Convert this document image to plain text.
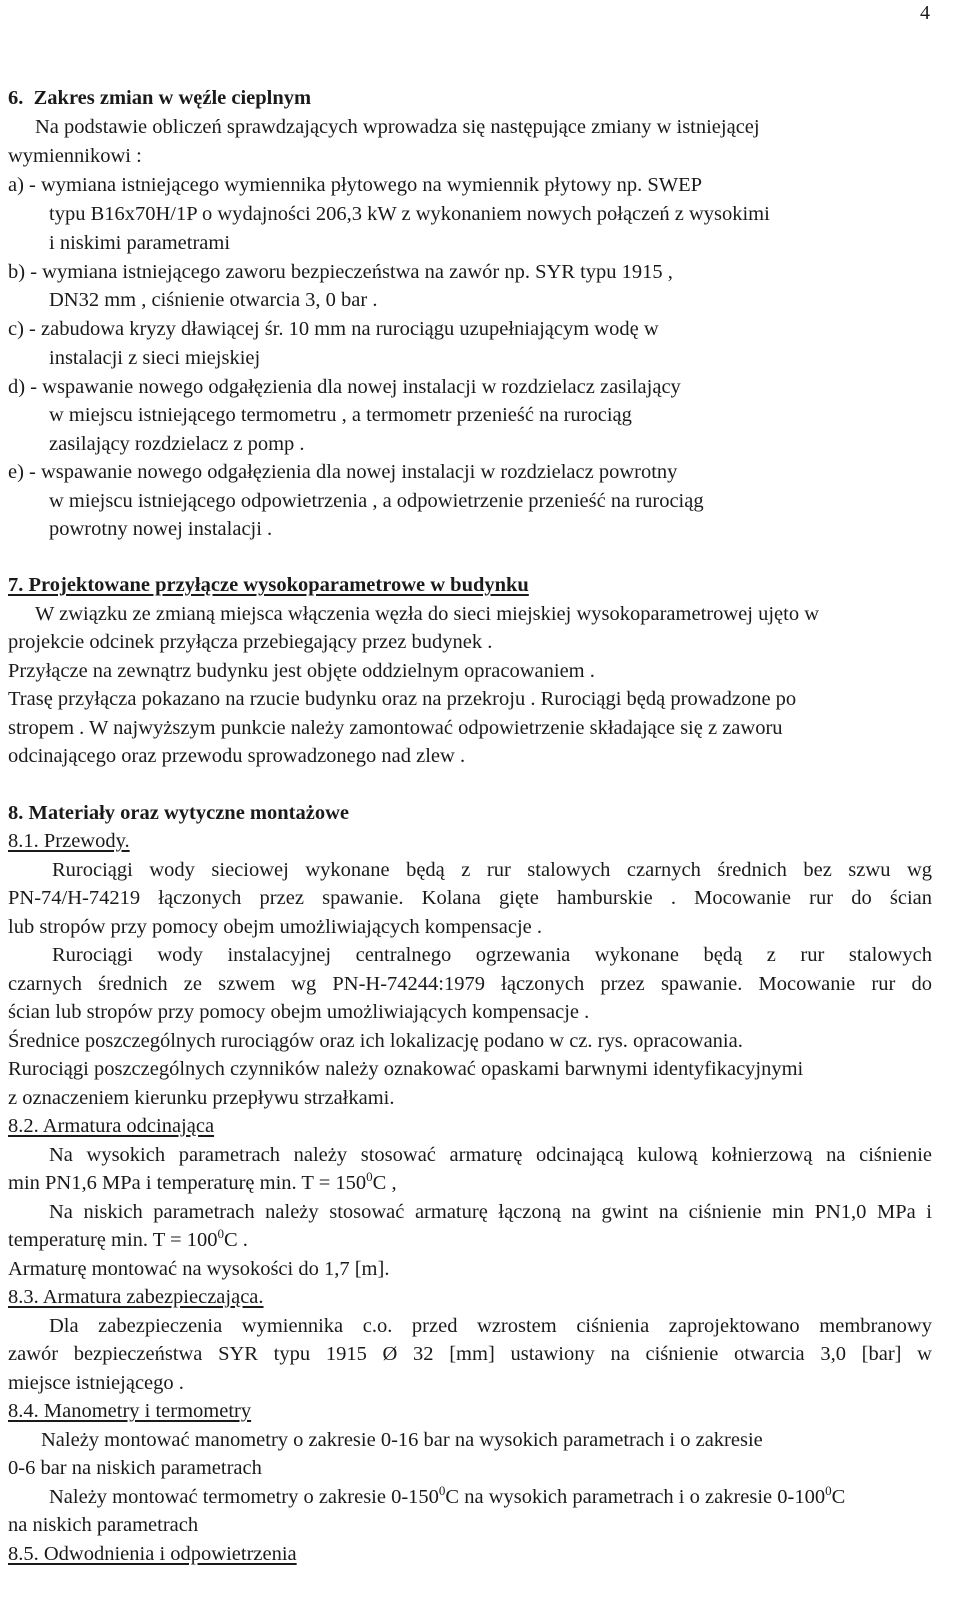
4
6. Zakres zmian w węźle cieplnym
Na podstawie obliczeń sprawdzających wprowadza się następujące zmiany w istniejącej
wymiennikowi :
a) - wymiana istniejącego wymiennika płytowego na wymiennik płytowy np. SWEP
typu B16x70H/1P o wydajności 206,3 kW z wykonaniem nowych połączeń z wysokimi
i niskimi parametrami
b) - wymiana istniejącego zaworu bezpieczeństwa na zawór np. SYR typu 1915 ,
DN32 mm , ciśnienie otwarcia 3, 0 bar .
c) - zabudowa kryzy dławiącej śr. 10 mm na rurociągu uzupełniającym wodę w
instalacji z sieci miejskiej
d) - wspawanie nowego odgałęzienia dla nowej instalacji w rozdzielacz zasilający
w miejscu istniejącego termometru , a termometr przenieść na rurociąg
zasilający rozdzielacz z pomp .
e) - wspawanie nowego odgałęzienia dla nowej instalacji w rozdzielacz powrotny
w miejscu istniejącego odpowietrzenia , a odpowietrzenie przenieść na rurociąg
powrotny nowej instalacji .
7. Projektowane przyłącze wysokoparametrowe w budynku
W związku ze zmianą miejsca włączenia węzła do sieci miejskiej wysokoparametrowej ujęto w
projekcie odcinek przyłącza przebiegający przez budynek .
Przyłącze na zewnątrz budynku jest objęte oddzielnym opracowaniem .
Trasę przyłącza pokazano na rzucie budynku oraz na przekroju . Rurociągi będą prowadzone po
stropem . W najwyższym punkcie należy zamontować odpowietrzenie składające się z zaworu
odcinającego oraz przewodu sprowadzonego nad zlew .
8. Materiały oraz wytyczne montażowe
8.1. Przewody.
Rurociągi wody sieciowej wykonane będą z rur stalowych czarnych średnich bez szwu wg
PN-74/H-74219 łączonych przez spawanie. Kolana gięte hamburskie . Mocowanie rur do ścian
lub stropów przy pomocy obejm umożliwiających kompensacje .
Rurociągi wody instalacyjnej centralnego ogrzewania wykonane będą z rur stalowych
czarnych średnich ze szwem wg PN-H-74244:1979 łączonych przez spawanie. Mocowanie rur do
ścian lub stropów przy pomocy obejm umożliwiających kompensacje .
Średnice poszczególnych rurociągów oraz ich lokalizację podano w cz. rys. opracowania.
Rurociągi poszczególnych czynników należy oznakować opaskami barwnymi identyfikacyjnymi
z oznaczeniem kierunku przepływu strzałkami.
8.2. Armatura odcinająca
Na wysokich parametrach należy stosować armaturę odcinającą kulową kołnierzową na ciśnienie
min PN1,6 MPa i temperaturę min. $T = 150^0C$ ,
Na niskich parametrach należy stosować armaturę łączoną na gwint na ciśnienie min PN1,0 MPa i
temperaturę min. $T = 100^0C$ .
Armaturę montować na wysokości do 1,7 [m].
8.3. Armatura zabezpieczająca.
Dla zabezpieczenia wymiennika c.o. przed wzrostem ciśnienia zaprojektowano membranowy
zawór bezpieczeństwa SYR typu 1915 Ø 32 [mm] ustawiony na ciśnienie otwarcia 3,0 [bar] w
miejsce istniejącego .
8.4. Manometry i termometry
Należy montować manometry o zakresie 0-16 bar na wysokich parametrach i o zakresie
0-6 bar na niskich parametrach
Należy montować termometry o zakresie $0-150^0C$ na wysokich parametrach i o zakresie $0-100^0C$
na niskich parametrach
8.5. Odwodnienia i odpowietrzenia
